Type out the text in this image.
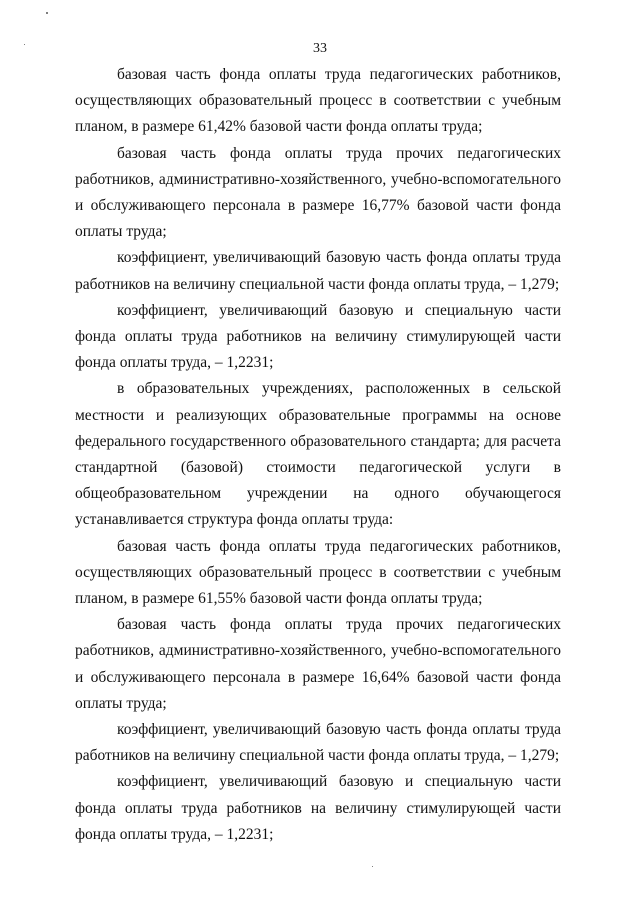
33

базовая часть фонда оплаты труда педагогических работников, осуществляющих образовательный процесс в соответствии с учебным планом, в размере 61,42% базовой части фонда оплаты труда;

базовая часть фонда оплаты труда прочих педагогических работников, административно-хозяйственного, учебно-вспомогательного и обслуживающего персонала в размере 16,77% базовой части фонда оплаты труда;

коэффициент, увеличивающий базовую часть фонда оплаты труда работников на величину специальной части фонда оплаты труда, – 1,279;

коэффициент, увеличивающий базовую и специальную части фонда оплаты труда работников на величину стимулирующей части фонда оплаты труда, – 1,2231;

в образовательных учреждениях, расположенных в сельской местности и реализующих образовательные программы на основе федерального государственного образовательного стандарта; для расчета стандартной (базовой) стоимости педагогической услуги в общеобразовательном учреждении на одного обучающегося устанавливается структура фонда оплаты труда:

базовая часть фонда оплаты труда педагогических работников, осуществляющих образовательный процесс в соответствии с учебным планом, в размере 61,55% базовой части фонда оплаты труда;

базовая часть фонда оплаты труда прочих педагогических работников, административно-хозяйственного, учебно-вспомогательного и обслуживающего персонала в размере 16,64% базовой части фонда оплаты труда;

коэффициент, увеличивающий базовую часть фонда оплаты труда работников на величину специальной части фонда оплаты труда, – 1,279;

коэффициент, увеличивающий базовую и специальную части фонда оплаты труда работников на величину стимулирующей части фонда оплаты труда, – 1,2231;
